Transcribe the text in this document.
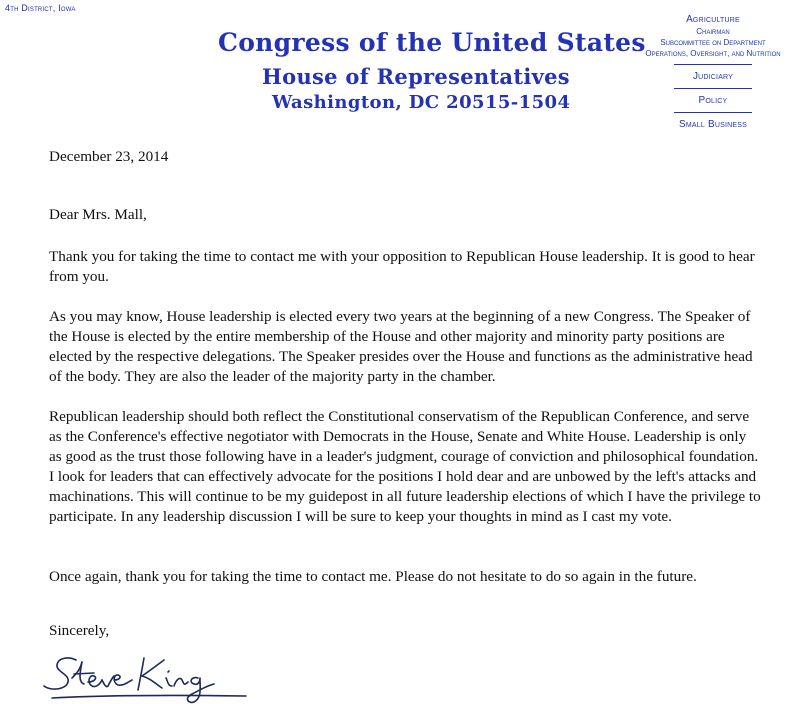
4th District, Iowa
Congress of the United States
House of Representatives
Washington, DC 20515-1504
Agriculture
Chairman
Subcommittee on Department
Operations, Oversight, and Nutrition
Judiciary
Policy
Small Business

December 23, 2014

Dear Mrs. Mall,

Thank you for taking the time to contact me with your opposition to Republican House leadership. It is good to hear from you.

As you may know, House leadership is elected every two years at the beginning of a new Congress. The Speaker of the House is elected by the entire membership of the House and other majority and minority party positions are elected by the respective delegations. The Speaker presides over the House and functions as the administrative head of the body. They are also the leader of the majority party in the chamber.

Republican leadership should both reflect the Constitutional conservatism of the Republican Conference, and serve as the Conference's effective negotiator with Democrats in the House, Senate and White House. Leadership is only as good as the trust those following have in a leader's judgment, courage of conviction and philosophical foundation. I look for leaders that can effectively advocate for the positions I hold dear and are unbowed by the left's attacks and machinations. This will continue to be my guidepost in all future leadership elections of which I have the privilege to participate. In any leadership discussion I will be sure to keep your thoughts in mind as I cast my vote.

Once again, thank you for taking the time to contact me. Please do not hesitate to do so again in the future.

Sincerely,
